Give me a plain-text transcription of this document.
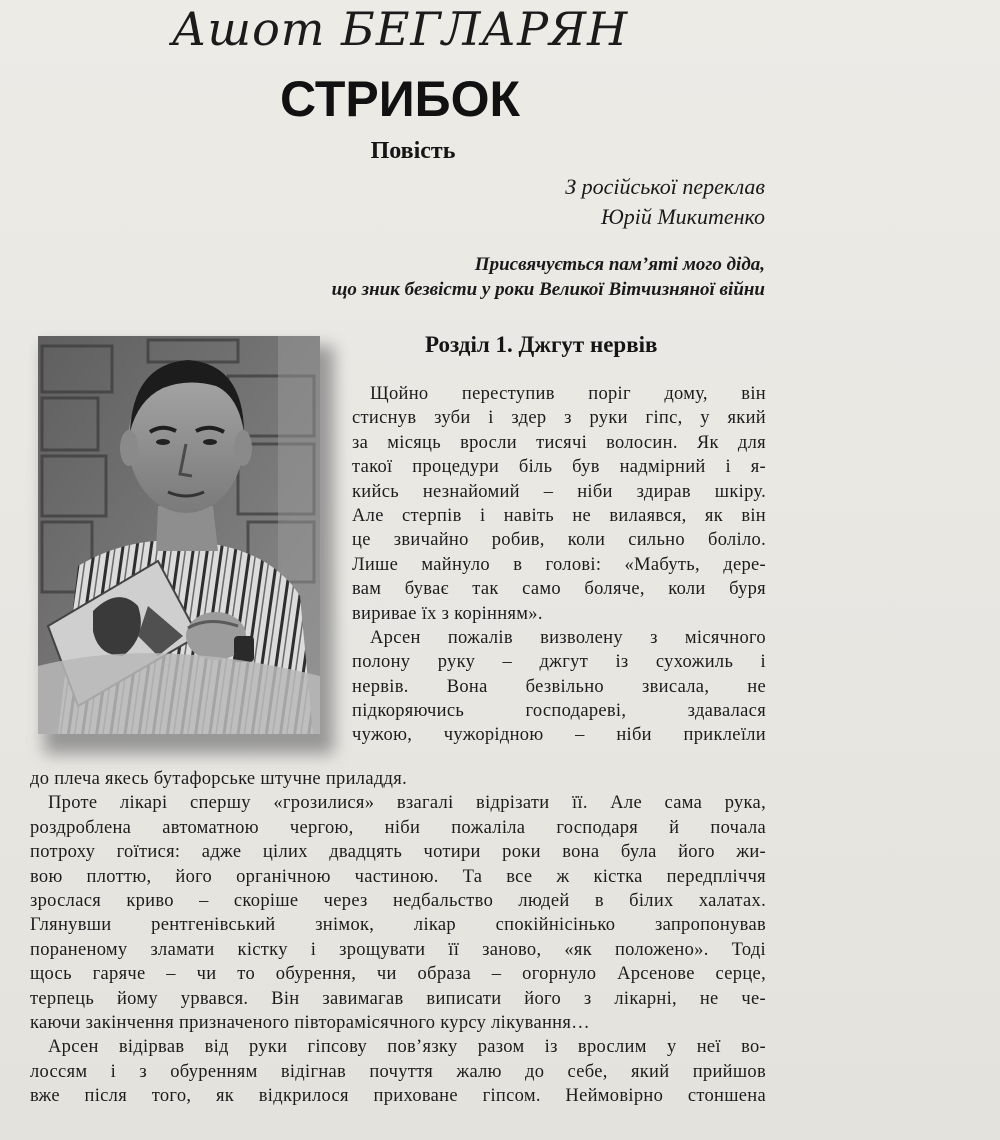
Ашот БЕГЛАРЯН
СТРИБОК
Повість
З російської переклав
Юрій Микитенко
Присвячується пам’яті мого діда,
що зник безвісти у роки Великої Вітчизняної війни
Розділ 1. Джгут нервів
Щойно переступив поріг дому, він
стиснув зуби і здер з руки гіпс, у який
за місяць вросли тисячі волосин. Як для
такої процедури біль був надмірний і я-
кийсь незнайомий – ніби здирав шкіру.
Але стерпів і навіть не вилаявся, як він
це звичайно робив, коли сильно боліло.
Лише майнуло в голові: «Мабуть, дере-
вам буває так само боляче, коли буря
виривае їх з корінням».
Арсен пожалів визволену з місячного
полону руку – джгут із сухожиль і
нервів. Вона безвільно звисала, не
підкоряючись господареві, здавалася
чужою, чужорідною – ніби приклеїли
до плеча якесь бутафорське штучне приладдя.
Проте лікарі спершу «грозилися» взагалі відрізати її. Але сама рука,
роздроблена автоматною чергою, ніби пожаліла господаря й почала
потроху гоїтися: адже цілих двадцять чотири роки вона була його жи-
вою плоттю, його органічною частиною. Та все ж кістка передпліччя
зрослася криво – скоріше через недбальство людей в білих халатах.
Глянувши рентгенівський знімок, лікар спокійнісінько запропонував
пораненому зламати кістку і зрощувати її заново, «як положено». Тоді
щось гаряче – чи то обурення, чи образа – огорнуло Арсенове серце,
терпець йому урвався. Він завимагав виписати його з лікарні, не че-
каючи закінчення призначеного півторамісячного курсу лікування…
Арсен відірвав від руки гіпсову пов’язку разом із врослим у неї во-
лоссям і з обуренням відігнав почуття жалю до себе, який прийшов
вже після того, як відкрилося приховане гіпсом. Неймовірно стоншена
